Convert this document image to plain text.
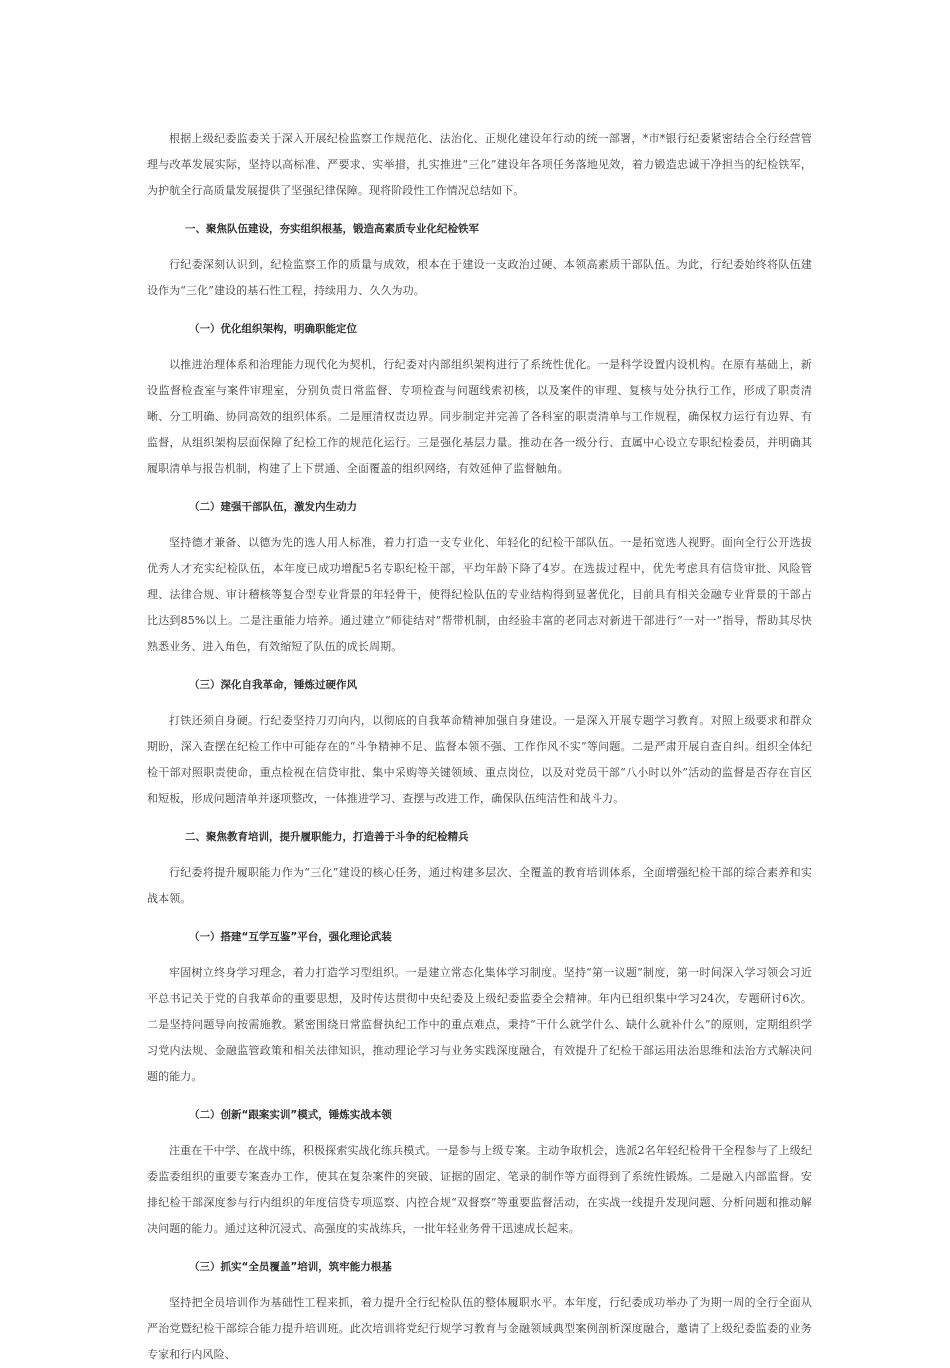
根据上级纪委监委关于深入开展纪检监察工作规范化、法治化、正规化建设年行动的统一部署，*市*银行纪委紧密结合全行经营管理与改革发展实际，坚持以高标准、严要求、实举措，扎实推进“三化”建设年各项任务落地见效，着力锻造忠诚干净担当的纪检铁军，为护航全行高质量发展提供了坚强纪律保障。现将阶段性工作情况总结如下。

一、聚焦队伍建设，夯实组织根基，锻造高素质专业化纪检铁军

行纪委深刻认识到，纪检监察工作的质量与成效，根本在于建设一支政治过硬、本领高素质干部队伍。为此，行纪委始终将队伍建设作为“三化”建设的基石性工程，持续用力、久久为功。

（一）优化组织架构，明确职能定位

以推进治理体系和治理能力现代化为契机，行纪委对内部组织架构进行了系统性优化。一是科学设置内设机构。在原有基础上，新设监督检查室与案件审理室，分别负责日常监督、专项检查与问题线索初核，以及案件的审理、复核与处分执行工作，形成了职责清晰、分工明确、协同高效的组织体系。二是厘清权责边界。同步制定并完善了各科室的职责清单与工作规程，确保权力运行有边界、有监督，从组织架构层面保障了纪检工作的规范化运行。三是强化基层力量。推动在各一级分行、直属中心设立专职纪检委员，并明确其履职清单与报告机制，构建了上下贯通、全面覆盖的组织网络，有效延伸了监督触角。

（二）建强干部队伍，激发内生动力

坚持德才兼备、以德为先的选人用人标准，着力打造一支专业化、年轻化的纪检干部队伍。一是拓宽选人视野。面向全行公开选拔优秀人才充实纪检队伍，本年度已成功增配5名专职纪检干部，平均年龄下降了4岁。在选拔过程中，优先考虑具有信贷审批、风险管理、法律合规、审计稽核等复合型专业背景的年轻骨干，使得纪检队伍的专业结构得到显著优化，目前具有相关金融专业背景的干部占比达到85%以上。二是注重能力培养。通过建立“师徒结对”帮带机制，由经验丰富的老同志对新进干部进行“一对一”指导，帮助其尽快熟悉业务、进入角色，有效缩短了队伍的成长周期。

（三）深化自我革命，锤炼过硬作风

打铁还须自身硬。行纪委坚持刀刃向内，以彻底的自我革命精神加强自身建设。一是深入开展专题学习教育。对照上级要求和群众期盼，深入查摆在纪检工作中可能存在的“斗争精神不足、监督本领不强、工作作风不实”等问题。二是严肃开展自查自纠。组织全体纪检干部对照职责使命，重点检视在信贷审批、集中采购等关键领域、重点岗位，以及对党员干部“八小时以外”活动的监督是否存在盲区和短板，形成问题清单并逐项整改，一体推进学习、查摆与改进工作，确保队伍纯洁性和战斗力。

二、聚焦教育培训，提升履职能力，打造善于斗争的纪检精兵

行纪委将提升履职能力作为“三化”建设的核心任务，通过构建多层次、全覆盖的教育培训体系，全面增强纪检干部的综合素养和实战本领。

（一）搭建“互学互鉴”平台，强化理论武装

牢固树立终身学习理念，着力打造学习型组织。一是建立常态化集体学习制度。坚持“第一议题”制度，第一时间深入学习领会习近平总书记关于党的自我革命的重要思想，及时传达贯彻中央纪委及上级纪委监委全会精神。年内已组织集中学习24次，专题研讨6次。二是坚持问题导向按需施教。紧密围绕日常监督执纪工作中的重点难点，秉持“干什么就学什么、缺什么就补什么”的原则，定期组织学习党内法规、金融监管政策和相关法律知识，推动理论学习与业务实践深度融合，有效提升了纪检干部运用法治思维和法治方式解决问题的能力。

（二）创新“跟案实训”模式，锤炼实战本领

注重在干中学、在战中练，积极探索实战化练兵模式。一是参与上级专案。主动争取机会，选派2名年轻纪检骨干全程参与了上级纪委监委组织的重要专案查办工作，使其在复杂案件的突破、证据的固定、笔录的制作等方面得到了系统性锻炼。二是融入内部监督。安排纪检干部深度参与行内组织的年度信贷专项巡察、内控合规“双督察”等重要监督活动，在实战一线提升发现问题、分析问题和推动解决问题的能力。通过这种沉浸式、高强度的实战练兵，一批年轻业务骨干迅速成长起来。

（三）抓实“全员覆盖”培训，筑牢能力根基

坚持把全员培训作为基础性工程来抓，着力提升全行纪检队伍的整体履职水平。本年度，行纪委成功举办了为期一周的全行全面从严治党暨纪检干部综合能力提升培训班。此次培训将党纪行规学习教育与金融领域典型案例剖析深度融合，邀请了上级纪委监委的业务专家和行内风险、
